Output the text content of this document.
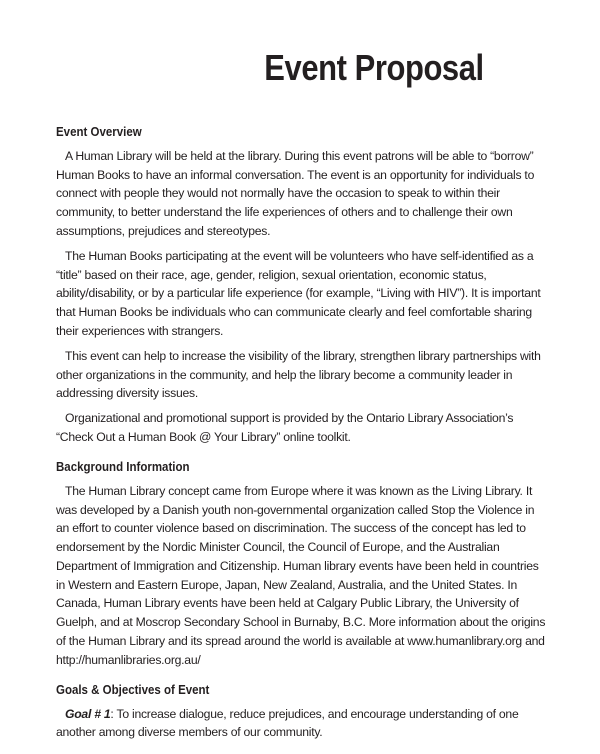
Event Proposal
Event Overview

A Human Library will be held at the library. During this event patrons will be able to “borrow” Human Books to have an informal conversation. The event is an opportunity for individuals to connect with people they would not normally have the occasion to speak to within their community, to better understand the life experiences of others and to challenge their own assumptions, prejudices and stereotypes.

The Human Books participating at the event will be volunteers who have self-identified as a “title” based on their race, age, gender, religion, sexual orientation, economic status, ability/disability, or by a particular life experience (for example, “Living with HIV”). It is important that Human Books be individuals who can communicate clearly and feel comfortable sharing their experiences with strangers.

This event can help to increase the visibility of the library, strengthen library partnerships with other organizations in the community, and help the library become a community leader in addressing diversity issues.

Organizational and promotional support is provided by the Ontario Library Association’s “Check Out a Human Book @ Your Library” online toolkit.

Background Information

The Human Library concept came from Europe where it was known as the Living Library. It was developed by a Danish youth non-governmental organization called Stop the Violence in an effort to counter violence based on discrimination. The success of the concept has led to endorsement by the Nordic Minister Council, the Council of Europe, and the Australian Department of Immigration and Citizenship. Human library events have been held in countries in Western and Eastern Europe, Japan, New Zealand, Australia, and the United States. In Canada, Human Library events have been held at Calgary Public Library, the University of Guelph, and at Moscrop Secondary School in Burnaby, B.C. More information about the origins of the Human Library and its spread around the world is available at www.humanlibrary.org and http://humanlibraries.org.au/

Goals & Objectives of Event

Goal # 1: To increase dialogue, reduce prejudices, and encourage understanding of one another among diverse members of our community.
